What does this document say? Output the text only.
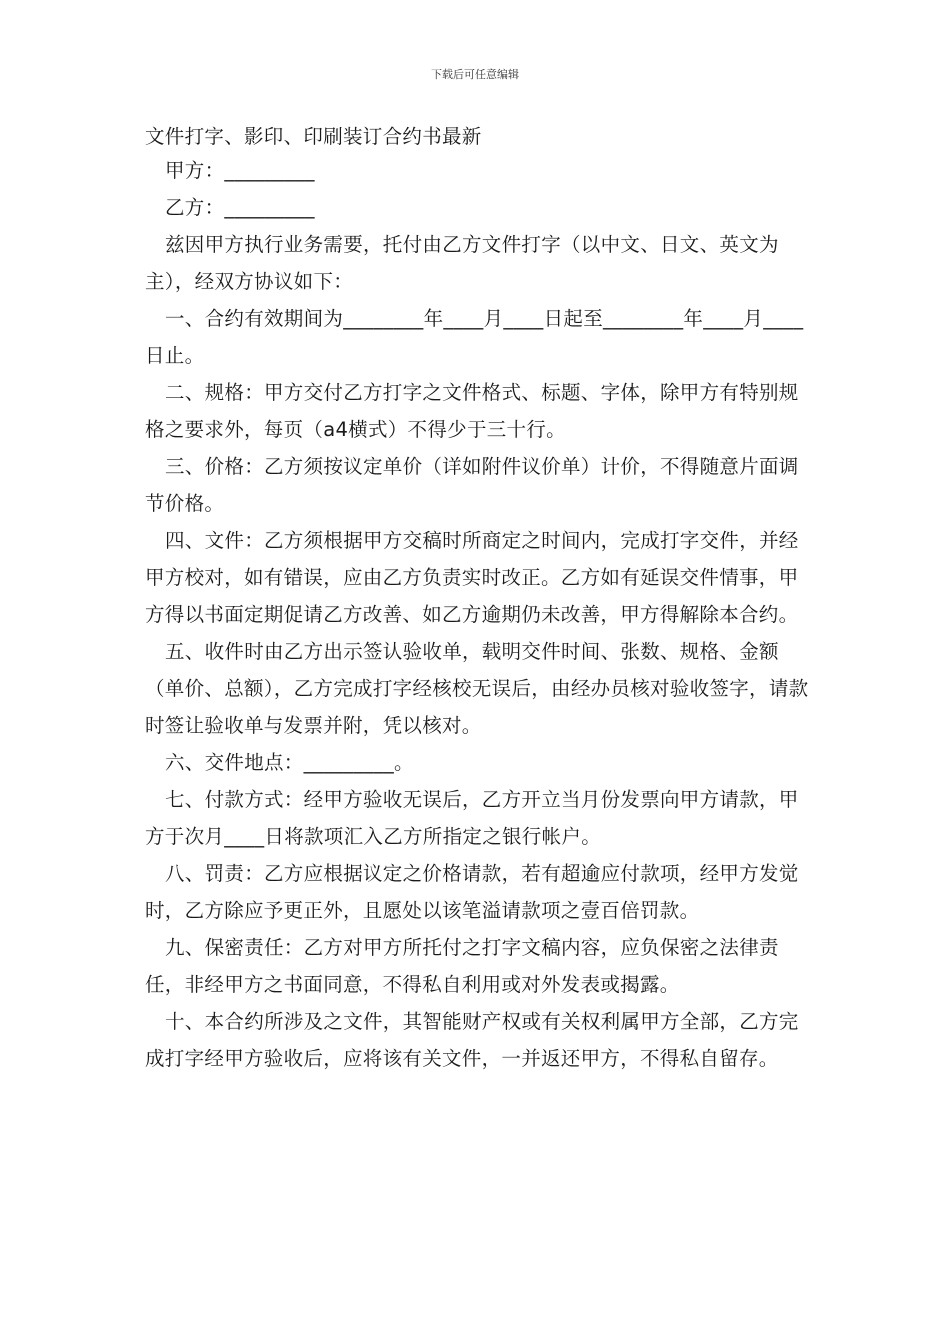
下载后可任意编辑

文件打字、影印、印刷装订合约书最新

甲方：_________

乙方：_________

兹因甲方执行业务需要，托付由乙方文件打字（以中文、日文、英文为主），经双方协议如下：

一、合约有效期间为________年____月____日起至________年____月____日止。

二、规格：甲方交付乙方打字之文件格式、标题、字体，除甲方有特别规格之要求外，每页（a4横式）不得少于三十行。

三、价格：乙方须按议定单价（详如附件议价单）计价，不得随意片面调节价格。

四、文件：乙方须根据甲方交稿时所商定之时间内，完成打字交件，并经甲方校对，如有错误，应由乙方负责实时改正。乙方如有延误交件情事，甲方得以书面定期促请乙方改善、如乙方逾期仍未改善，甲方得解除本合约。

五、收件时由乙方出示签认验收单，载明交件时间、张数、规格、金额（单价、总额），乙方完成打字经核校无误后，由经办员核对验收签字，请款时签让验收单与发票并附，凭以核对。

六、交件地点：_________。

七、付款方式：经甲方验收无误后，乙方开立当月份发票向甲方请款，甲方于次月____日将款项汇入乙方所指定之银行帐户。

八、罚责：乙方应根据议定之价格请款，若有超逾应付款项，经甲方发觉时，乙方除应予更正外，且愿处以该笔溢请款项之壹百倍罚款。

九、保密责任：乙方对甲方所托付之打字文稿内容，应负保密之法律责任，非经甲方之书面同意，不得私自利用或对外发表或揭露。

十、本合约所涉及之文件，其智能财产权或有关权利属甲方全部，乙方完成打字经甲方验收后，应将该有关文件，一并返还甲方，不得私自留存。
